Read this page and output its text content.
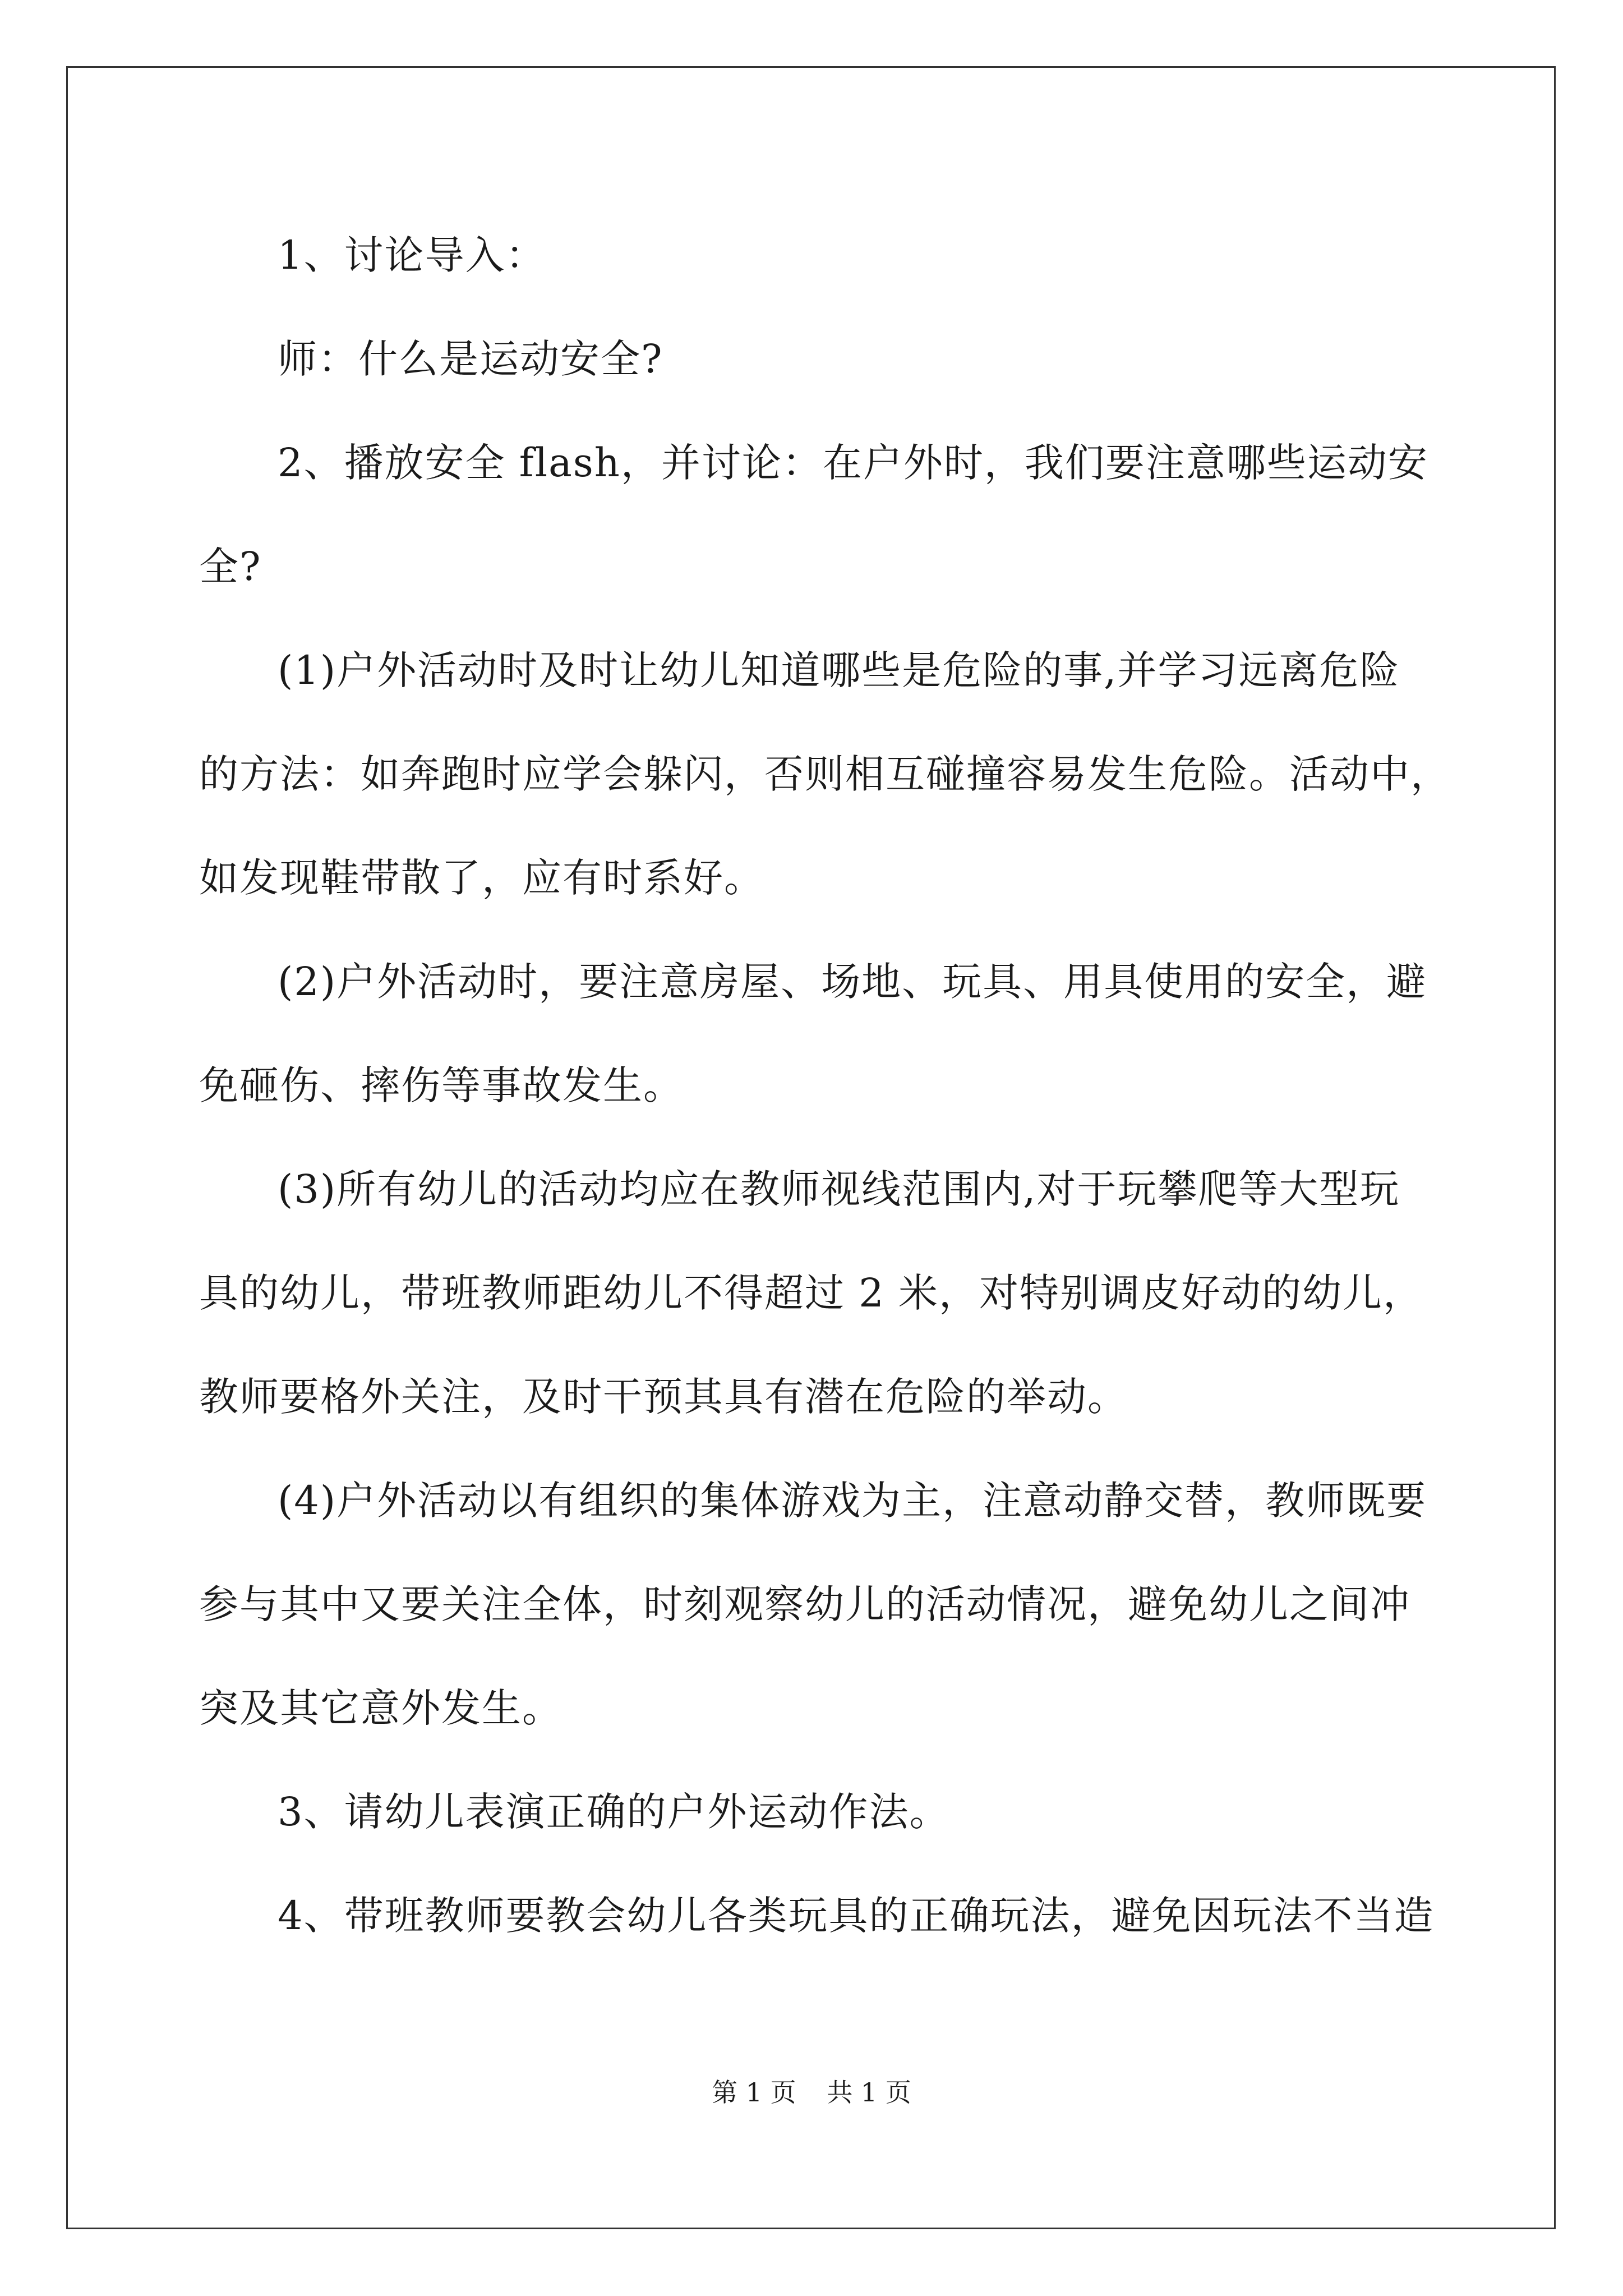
1、讨论导入：
师：什么是运动安全?
2、播放安全 flash，并讨论：在户外时，我们要注意哪些运动安
全?
(1)户外活动时及时让幼儿知道哪些是危险的事,并学习远离危险
的方法：如奔跑时应学会躲闪，否则相互碰撞容易发生危险。活动中，
如发现鞋带散了，应有时系好。
(2)户外活动时，要注意房屋、场地、玩具、用具使用的安全，避
免砸伤、摔伤等事故发生。
(3)所有幼儿的活动均应在教师视线范围内,对于玩攀爬等大型玩
具的幼儿，带班教师距幼儿不得超过 2 米，对特别调皮好动的幼儿，
教师要格外关注，及时干预其具有潜在危险的举动。
(4)户外活动以有组织的集体游戏为主，注意动静交替，教师既要
参与其中又要关注全体，时刻观察幼儿的活动情况，避免幼儿之间冲
突及其它意外发生。
3、请幼儿表演正确的户外运动作法。
4、带班教师要教会幼儿各类玩具的正确玩法，避免因玩法不当造
第 1 页 共 1 页
